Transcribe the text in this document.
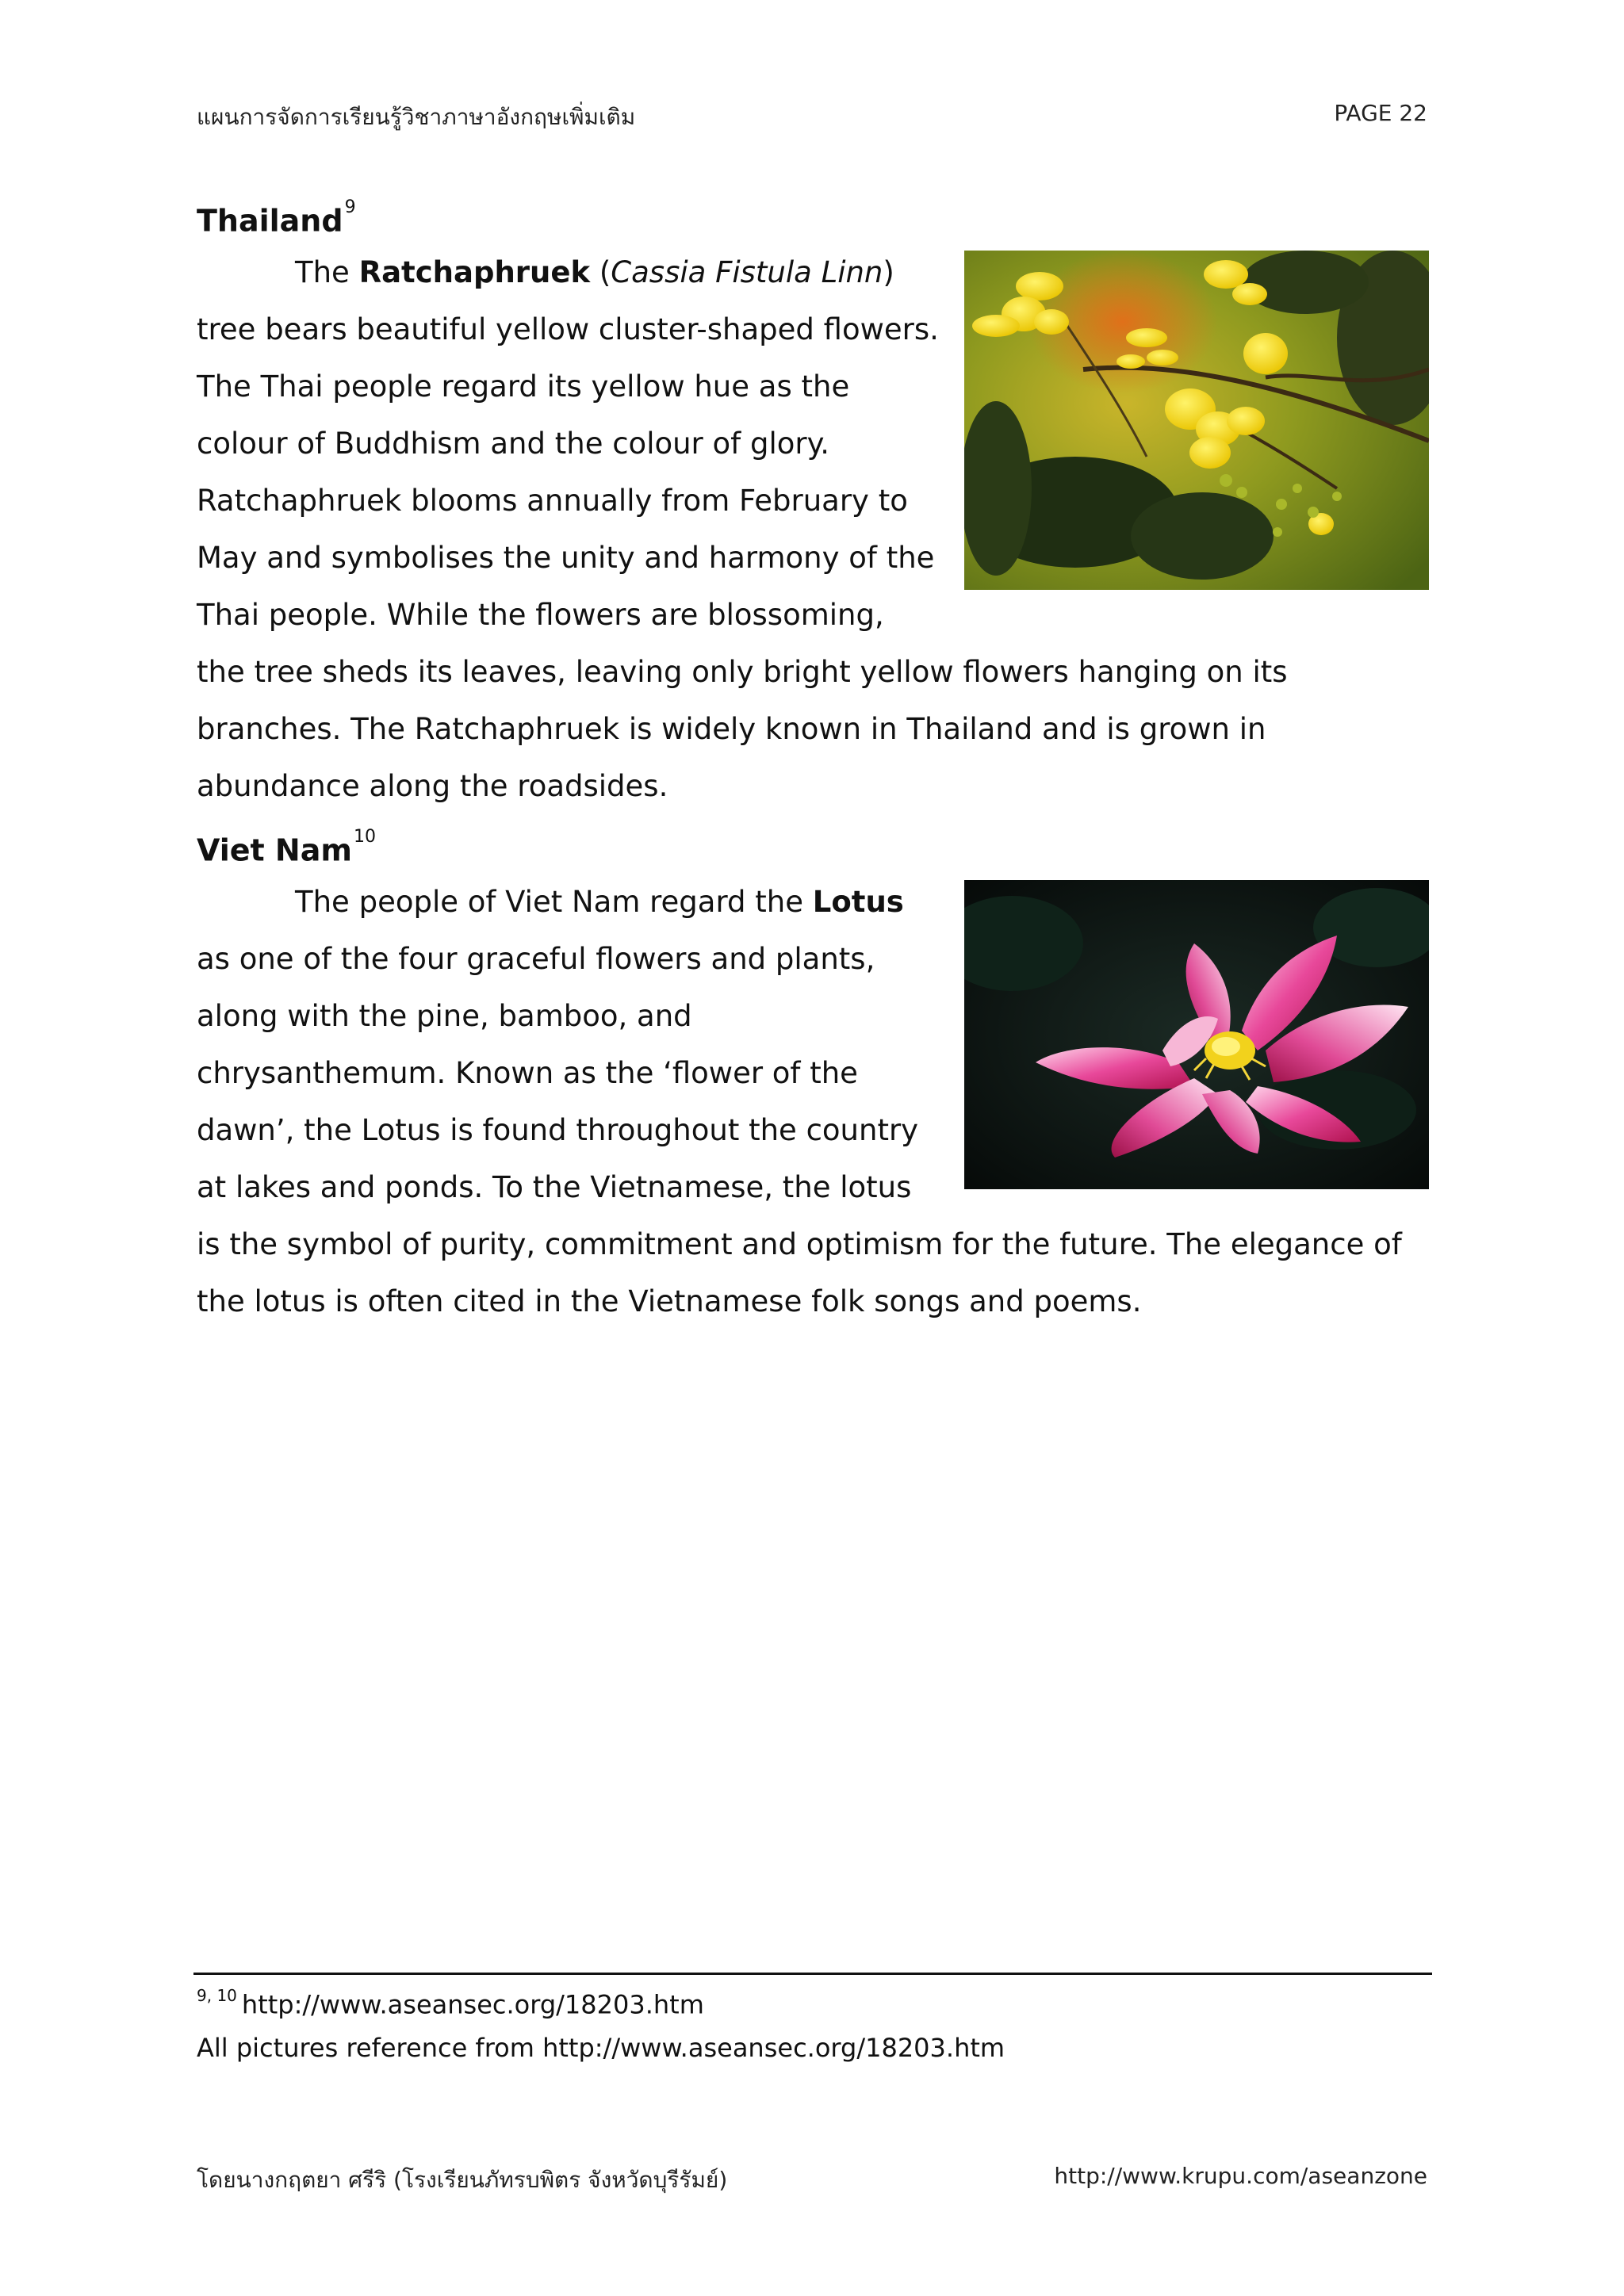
แผนการจัดการเรียนรู้วิชาภาษาอังกฤษเพิ่มเติม	PAGE 22
Thailand$^9$

The Ratchaphruek (Cassia Fistula Linn) tree bears beautiful yellow cluster-shaped flowers. The Thai people regard its yellow hue as the colour of Buddhism and the colour of glory. Ratchaphruek blooms annually from February to May and symbolises the unity and harmony of the Thai people. While the flowers are blossoming, the tree sheds its leaves, leaving only bright yellow flowers hanging on its branches. The Ratchaphruek is widely known in Thailand and is grown in abundance along the roadsides.

Viet Nam$^{10}$

The people of Viet Nam regard the Lotus as one of the four graceful flowers and plants, along with the pine, bamboo, and chrysanthemum. Known as the ‘flower of the dawn’, the Lotus is found throughout the country at lakes and ponds. To the Vietnamese, the lotus is the symbol of purity, commitment and optimism for the future. The elegance of the lotus is often cited in the Vietnamese folk songs and poems.

$^{9, 10}$ http://www.aseansec.org/18203.htm
All pictures reference from http://www.aseansec.org/18203.htm
โดยนางกฤตยา ศรีริ (โรงเรียนภัทรบพิตร จังหวัดบุรีรัมย์)	http://www.krupu.com/aseanzone
